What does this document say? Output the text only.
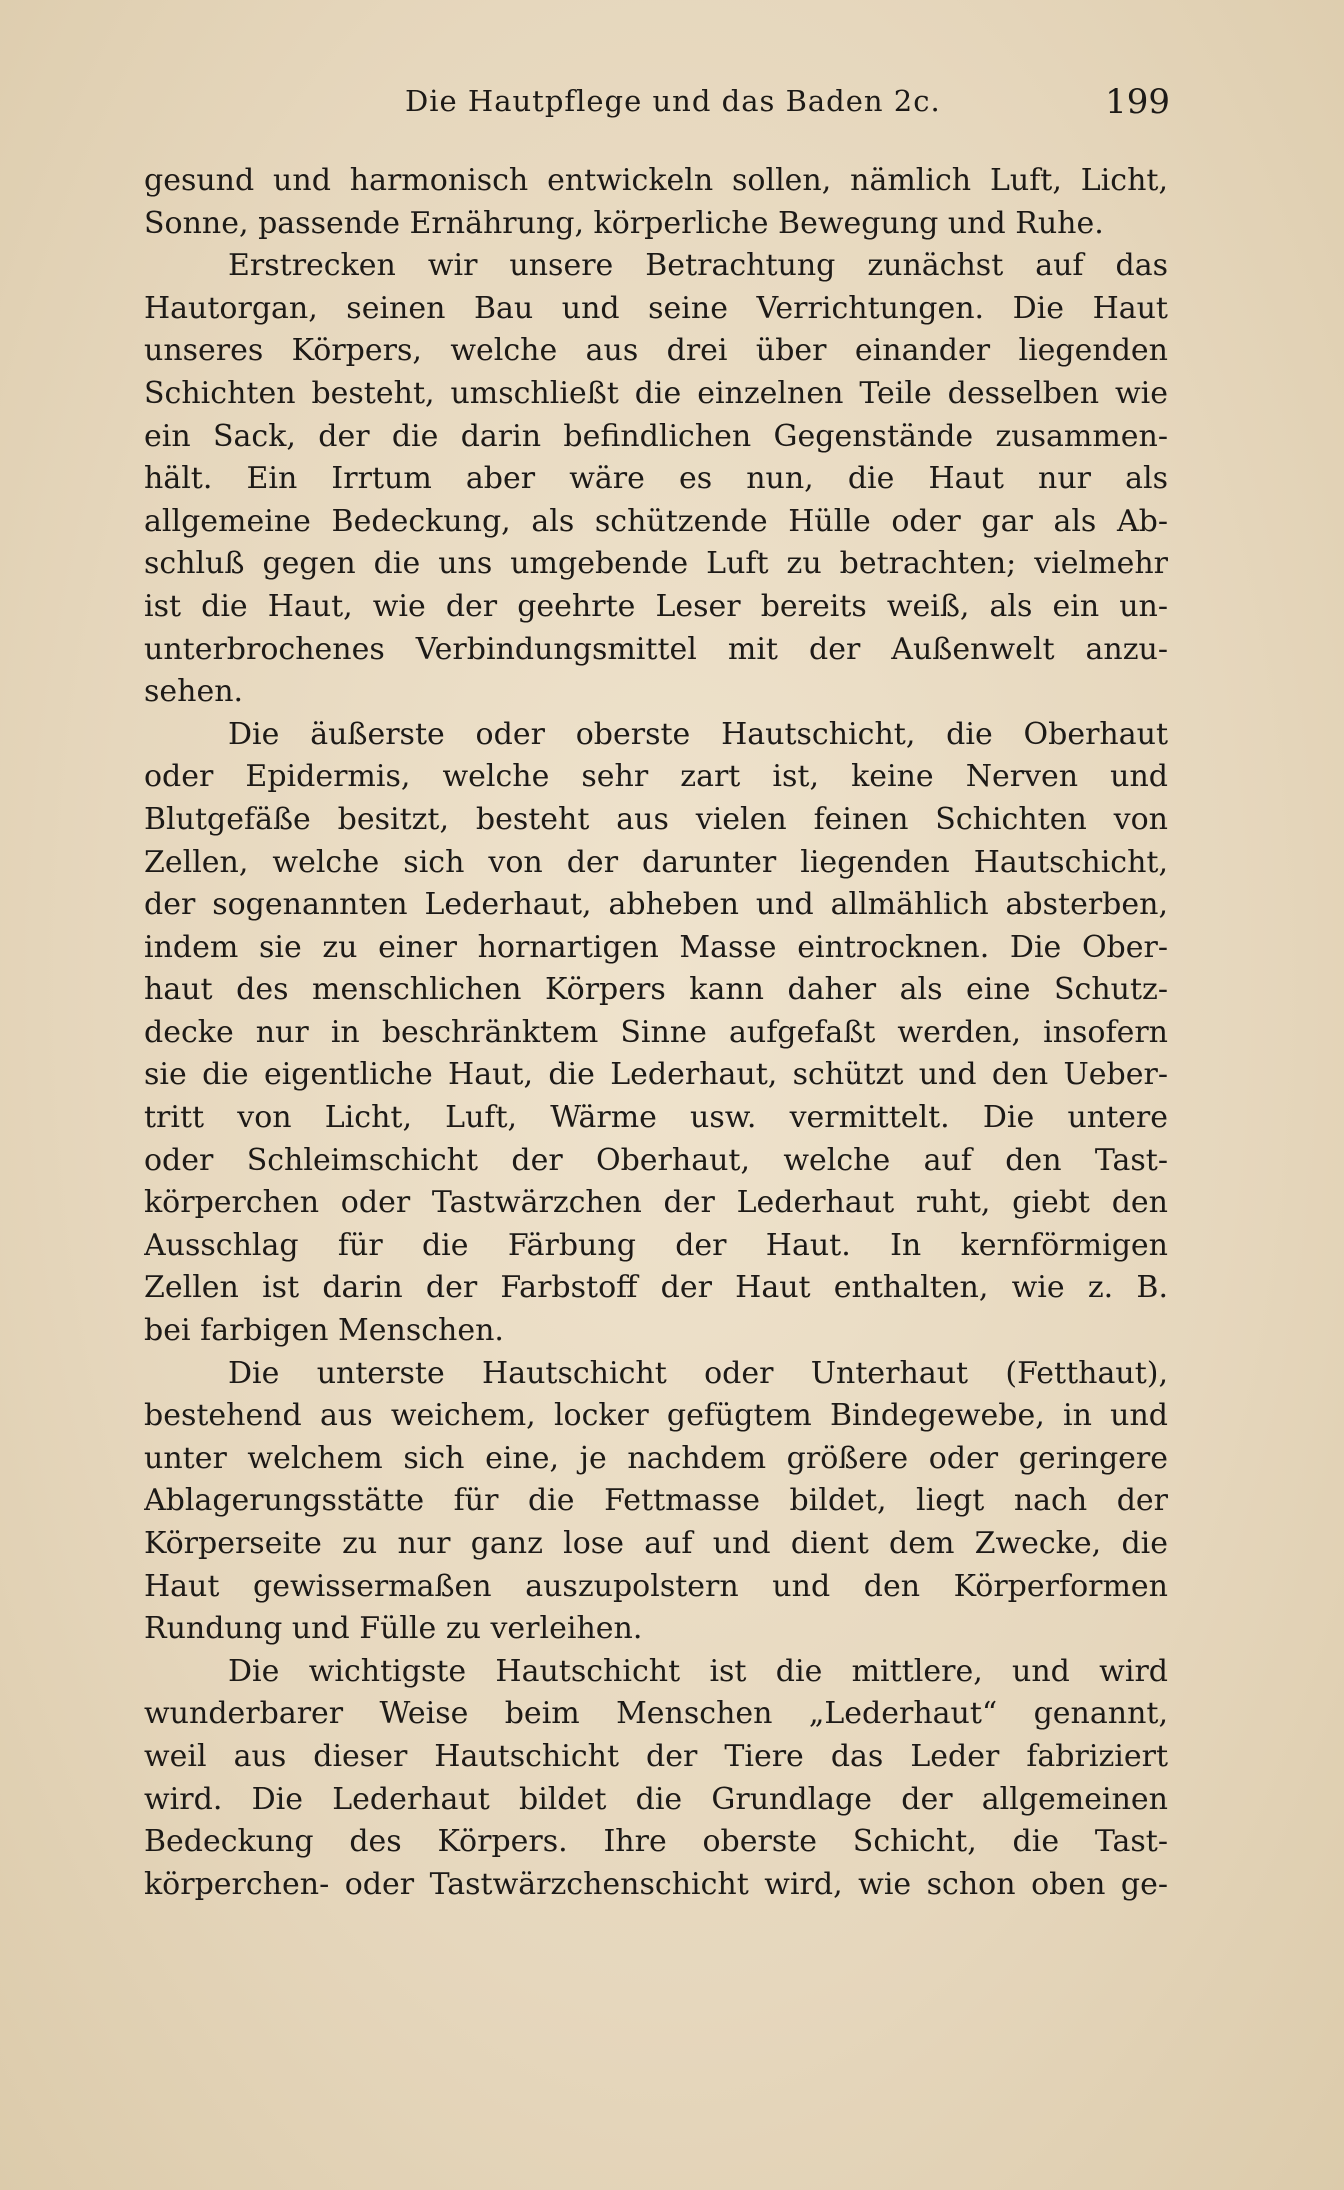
Die Hautpflege und das Baden 2c.	199
gesund und harmonisch entwickeln sollen, nämlich Luft, Licht,
Sonne, passende Ernährung, körperliche Bewegung und Ruhe.
Erstrecken wir unsere Betrachtung zunächst auf das
Hautorgan, seinen Bau und seine Verrichtungen. Die Haut
unseres Körpers, welche aus drei über einander liegenden
Schichten besteht, umschließt die einzelnen Teile desselben wie
ein Sack, der die darin befindlichen Gegenstände zusammen-
hält. Ein Irrtum aber wäre es nun, die Haut nur als
allgemeine Bedeckung, als schützende Hülle oder gar als Ab-
schluß gegen die uns umgebende Luft zu betrachten; vielmehr
ist die Haut, wie der geehrte Leser bereits weiß, als ein un-
unterbrochenes Verbindungsmittel mit der Außenwelt anzu-
sehen.
Die äußerste oder oberste Hautschicht, die Oberhaut
oder Epidermis, welche sehr zart ist, keine Nerven und
Blutgefäße besitzt, besteht aus vielen feinen Schichten von
Zellen, welche sich von der darunter liegenden Hautschicht,
der sogenannten Lederhaut, abheben und allmählich absterben,
indem sie zu einer hornartigen Masse eintrocknen. Die Ober-
haut des menschlichen Körpers kann daher als eine Schutz-
decke nur in beschränktem Sinne aufgefaßt werden, insofern
sie die eigentliche Haut, die Lederhaut, schützt und den Ueber-
tritt von Licht, Luft, Wärme usw. vermittelt. Die untere
oder Schleimschicht der Oberhaut, welche auf den Tast-
körperchen oder Tastwärzchen der Lederhaut ruht, giebt den
Ausschlag für die Färbung der Haut. In kernförmigen
Zellen ist darin der Farbstoff der Haut enthalten, wie z. B.
bei farbigen Menschen.
Die unterste Hautschicht oder Unterhaut (Fetthaut),
bestehend aus weichem, locker gefügtem Bindegewebe, in und
unter welchem sich eine, je nachdem größere oder geringere
Ablagerungsstätte für die Fettmasse bildet, liegt nach der
Körperseite zu nur ganz lose auf und dient dem Zwecke, die
Haut gewissermaßen auszupolstern und den Körperformen
Rundung und Fülle zu verleihen.
Die wichtigste Hautschicht ist die mittlere, und wird
wunderbarer Weise beim Menschen „Lederhaut“ genannt,
weil aus dieser Hautschicht der Tiere das Leder fabriziert
wird. Die Lederhaut bildet die Grundlage der allgemeinen
Bedeckung des Körpers. Ihre oberste Schicht, die Tast-
körperchen- oder Tastwärzchenschicht wird, wie schon oben ge-
